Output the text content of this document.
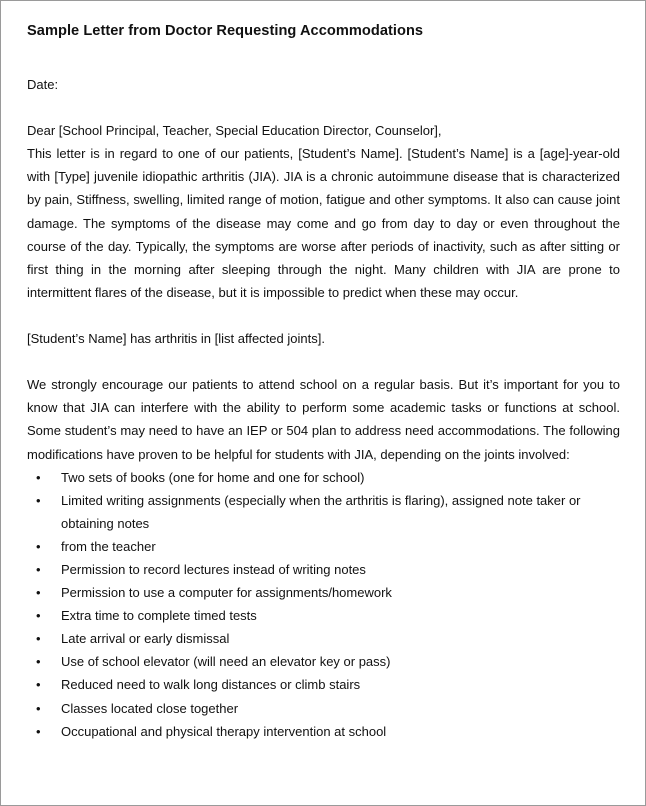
Sample Letter from Doctor Requesting Accommodations

Date:

Dear [School Principal, Teacher, Special Education Director, Counselor],

This letter is in regard to one of our patients, [Student’s Name]. [Student’s Name] is a [age]-year-old with [Type] juvenile idiopathic arthritis (JIA). JIA is a chronic autoimmune disease that is characterized by pain, Stiffness, swelling, limited range of motion, fatigue and other symptoms. It also can cause joint damage. The symptoms of the disease may come and go from day to day or even throughout the course of the day. Typically, the symptoms are worse after periods of inactivity, such as after sitting or first thing in the morning after sleeping through the night. Many children with JIA are prone to intermittent flares of the disease, but it is impossible to predict when these may occur.

[Student’s Name] has arthritis in [list affected joints].

We strongly encourage our patients to attend school on a regular basis. But it’s important for you to know that JIA can interfere with the ability to perform some academic tasks or functions at school. Some student’s may need to have an IEP or 504 plan to address need accommodations. The following modifications have proven to be helpful for students with JIA, depending on the joints involved:

• Two sets of books (one for home and one for school)
• Limited writing assignments (especially when the arthritis is flaring), assigned note taker or obtaining notes
• from the teacher
• Permission to record lectures instead of writing notes
• Permission to use a computer for assignments/homework
• Extra time to complete timed tests
• Late arrival or early dismissal
• Use of school elevator (will need an elevator key or pass)
• Reduced need to walk long distances or climb stairs
• Classes located close together
• Occupational and physical therapy intervention at school
